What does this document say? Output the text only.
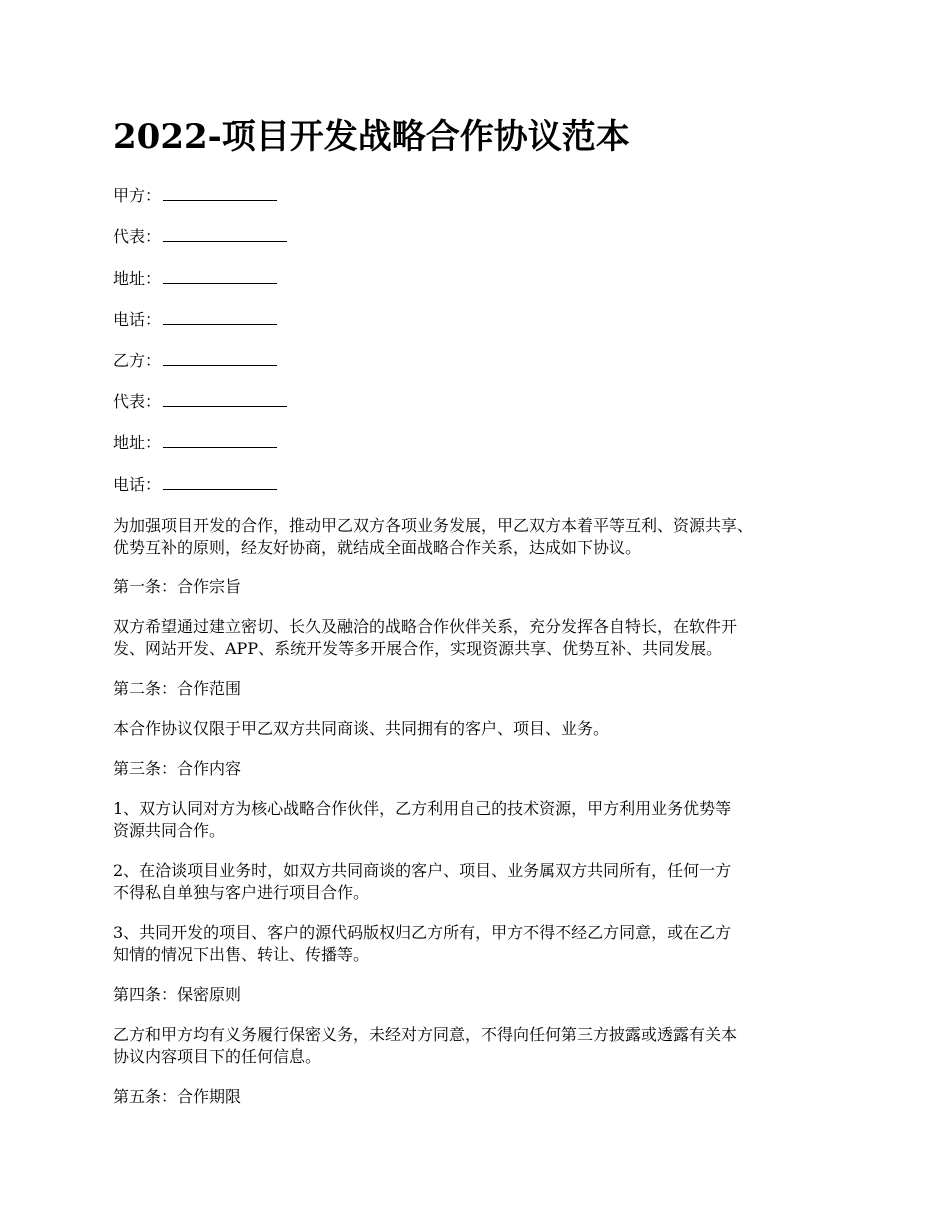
2022-项目开发战略合作协议范本
甲方：
代表：
地址：
电话：
乙方：
代表：
地址：
电话：

为加强项目开发的合作，推动甲乙双方各项业务发展，甲乙双方本着平等互利、资源共享、
优势互补的原则，经友好协商，就结成全面战略合作关系，达成如下协议。

第一条：合作宗旨

双方希望通过建立密切、长久及融洽的战略合作伙伴关系，充分发挥各自特长，在软件开
发、网站开发、APP、系统开发等多开展合作，实现资源共享、优势互补、共同发展。

第二条：合作范围

本合作协议仅限于甲乙双方共同商谈、共同拥有的客户、项目、业务。

第三条：合作内容

1、双方认同对方为核心战略合作伙伴，乙方利用自己的技术资源，甲方利用业务优势等
资源共同合作。

2、在洽谈项目业务时，如双方共同商谈的客户、项目、业务属双方共同所有，任何一方
不得私自单独与客户进行项目合作。

3、共同开发的项目、客户的源代码版权归乙方所有，甲方不得不经乙方同意，或在乙方
知情的情况下出售、转让、传播等。

第四条：保密原则

乙方和甲方均有义务履行保密义务，未经对方同意，不得向任何第三方披露或透露有关本
协议内容项目下的任何信息。

第五条：合作期限
